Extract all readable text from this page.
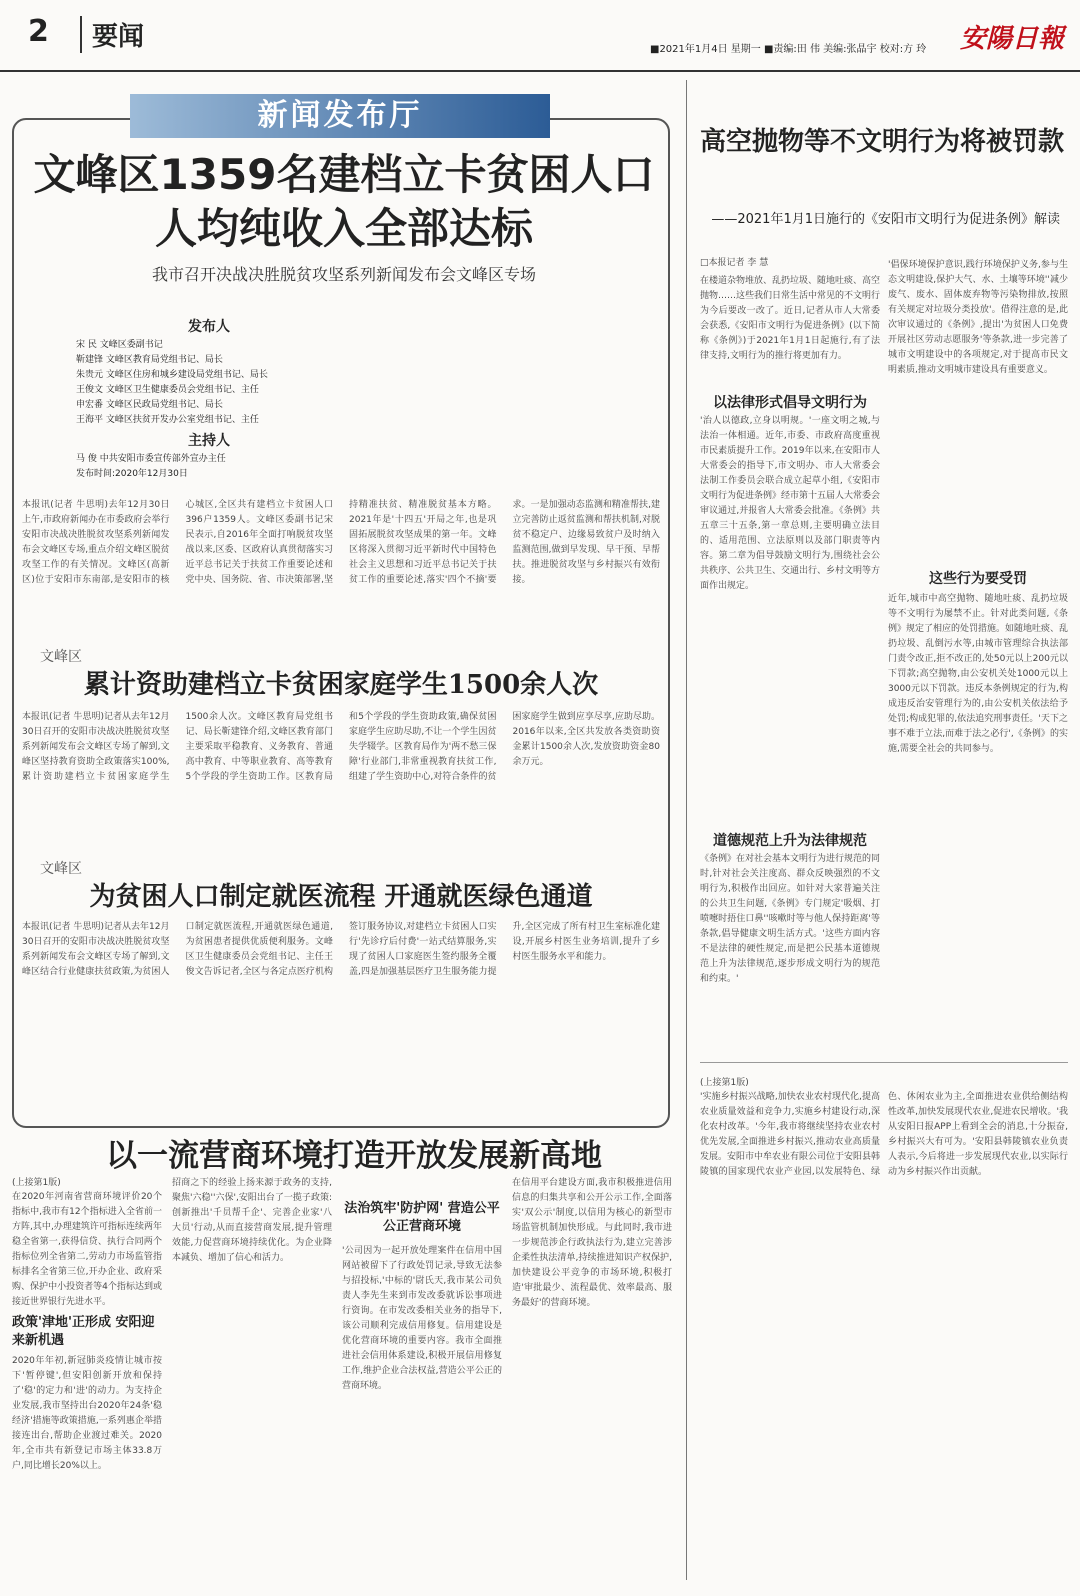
2	要闻	■2021年1月4日 星期一 ■责编:田 伟 美编:张晶宇 校对:方 玲 安陽日報
新闻发布厅
文峰区1359名建档立卡贫困人口人均纯收入全部达标
我市召开决战决胜脱贫攻坚系列新闻发布会文峰区专场
发布人
宋 民 文峰区委副书记
靳建锋 文峰区教育局党组书记、局长
朱贵元 文峰区住房和城乡建设局党组书记、局长
王俊文 文峰区卫生健康委员会党组书记、主任
申宏番 文峰区民政局党组书记、局长
王海平 文峰区扶贫开发办公室党组书记、主任
主持人
马 俊 中共安阳市委宣传部外宣办主任
发布时间:2020年12月30日
本报讯(记者 牛思明)去年12月30日上午,市政府新闻办在市委政府会举行安阳市决战决胜脱贫攻坚系列新闻发布会文峰区专场,重点介绍文峰区脱贫攻坚工作的有关情况。文峰区(高新区)位于安阳市东南部,是安阳市的核心城区,全区共有建档立卡贫困人口396户1359人。文峰区委副书记宋民表示,自2016年全面打响脱贫攻坚战以来,区委、区政府认真贯彻落实习近平总书记关于扶贫工作重要论述和党中央、国务院、省、市决策部署,坚持精准扶贫、精准脱贫基本方略。2021年是'十四五'开局之年,也是巩固拓展脱贫攻坚成果的第一年。文峰区将深入贯彻习近平新时代中国特色社会主义思想和习近平总书记关于扶贫工作的重要论述,落实'四个不摘'要求。一是加强动态监测和精准帮扶,建立完善防止返贫监测和帮扶机制,对脱贫不稳定户、边缘易致贫户及时纳入监测范围,做到早发现、早干预、早帮扶。推进脱贫攻坚与乡村振兴有效衔接。
文峰区
累计资助建档立卡贫困家庭学生1500余人次
本报讯(记者 牛思明)记者从去年12月30日召开的安阳市决战决胜脱贫攻坚系列新闻发布会文峰区专场了解到,文峰区坚持教育资助全政策落实100%,累计资助建档立卡贫困家庭学生1500余人次。文峰区教育局党组书记、局长靳建锋介绍,文峰区教育部门主要采取平稳教育、义务教育、普通高中教育、中等职业教育、高等教育5个学段的学生资助工作。区教育局和5个学段的学生资助政策,确保贫困家庭学生应助尽助,不让一个学生因贫失学辍学。区教育局作为'两不愁三保障'行业部门,非常重视教育扶贫工作,组建了学生资助中心,对符合条件的贫困家庭学生做到应享尽享,应助尽助。2016年以来,全区共发放各类资助资金累计1500余人次,发放资助资金80余万元。
文峰区
为贫困人口制定就医流程 开通就医绿色通道
本报讯(记者 牛思明)记者从去年12月30日召开的安阳市决战决胜脱贫攻坚系列新闻发布会文峰区专场了解到,文峰区结合行业健康扶贫政策,为贫困人口制定就医流程,开通就医绿色通道,为贫困患者提供优质便利服务。文峰区卫生健康委员会党组书记、主任王俊文告诉记者,全区与各定点医疗机构签订服务协议,对建档立卡贫困人口实行'先诊疗后付费'一站式结算服务,实现了贫困人口家庭医生签约服务全覆盖,四是加强基层医疗卫生服务能力提升,全区完成了所有村卫生室标准化建设,开展乡村医生业务培训,提升了乡村医生服务水平和能力。
以一流营商环境打造开放发展新高地
(上接第1版)
在2020年河南省营商环境评价20个指标中,我市有12个指标进入全省前一方阵,其中,办理建筑许可指标连续两年稳全省第一,获得信贷、执行合同两个指标位列全省第二,劳动力市场监管指标排名全省第三位,开办企业、政府采购、保护中小投资者等4个指标达到或接近世界银行先进水平。
政策'津地'正形成 安阳迎来新机遇
2020年年初,新冠肺炎疫情让城市按下'暂停键',但安阳创新开放和保持了'稳'的定力和'进'的动力。为支持企业发展,我市坚持出台2020年24条'稳经济'措施等政策措施,一系列惠企举措接连出台,帮助企业渡过难关。2020年,全市共有新登记市场主体33.8万户,同比增长20%以上。
招商之下的经验上扬来源于政务的支持,聚焦'六稳''六保',安阳出台了一揽子政策:创新推出'千员帮千企'、完善企业家'八大员'行动,从而直接营商发展,提升管理效能,力促营商环境持续优化。为企业降本减负、增加了信心和活力。
法治筑牢'防护网' 营造公平公正营商环境
'公司因为一起开放处理案件在信用中国网站被留下了行政处罚记录,导致无法参与招投标,'中标的'尉氏天,我市某公司负责人李先生来到市发改委就诉讼事项进行资询。在市发改委相关业务的指导下,该公司顺利完成信用修复。信用建设是优化营商环境的重要内容。我市全面推进社会信用体系建设,积极开展信用修复工作,维护企业合法权益,营造公平公正的营商环境。
在信用平台建设方面,我市积极推进信用信息的归集共享和公开公示工作,全面落实'双公示'制度,以信用为核心的新型市场监管机制加快形成。与此同时,我市进一步规范涉企行政执法行为,建立完善涉企柔性执法清单,持续推进知识产权保护,加快建设公平竞争的市场环境,积极打造'审批最少、流程最优、效率最高、服务最好'的营商环境。
高空抛物等不文明行为将被罚款
——2021年1月1日施行的《安阳市文明行为促进条例》解读
□本报记者 李 慧
在楼道杂物堆放、乱扔垃圾、随地吐痰、高空抛物……这些我们日常生活中常见的不文明行为今后要改一改了。近日,记者从市人大常委会获悉,《安阳市文明行为促进条例》(以下简称《条例》)于2021年1月1日起施行,有了法律支持,文明行为的推行将更加有力。
以法律形式倡导文明行为
'治人以德政,立身以明规。'一座文明之城,与法治一体相通。近年,市委、市政府高度重视市民素质提升工作。2019年以来,在安阳市人大常委会的指导下,市文明办、市人大常委会法制工作委员会联合成立起草小组,《安阳市文明行为促进条例》经市第十五届人大常委会审议通过,并报省人大常委会批准。《条例》共五章三十五条,第一章总则,主要明确立法目的、适用范围、立法原则以及部门职责等内容。第二章为倡导鼓励文明行为,围绕社会公共秩序、公共卫生、交通出行、乡村文明等方面作出规定。
道德规范上升为法律规范
《条例》在对社会基本文明行为进行规范的同时,针对社会关注度高、群众反映强烈的不文明行为,积极作出回应。如针对大家普遍关注的公共卫生问题,《条例》专门规定'吸烟、打喷嚏时捂住口鼻''咳嗽时等与他人保持距离'等条款,倡导健康文明生活方式。'这些方面内容不是法律的硬性规定,而是把公民基本道德规范上升为法律规范,逐步形成文明行为的规范和约束。'
'倡保环境保护意识,践行环境保护义务,参与生态文明建设,保护大气、水、土壤等环境''减少废气、废水、固体废弃物等污染物排放,按照有关规定对垃圾分类投放'。借得注意的是,此次审议通过的《条例》,提出'为贫困人口免费开展社区劳动志愿服务'等条款,进一步完善了城市文明建设中的各项规定,对于提高市民文明素质,推动文明城市建设具有重要意义。
这些行为要受罚
近年,城市中高空抛物、随地吐痰、乱扔垃圾等不文明行为屡禁不止。针对此类问题,《条例》规定了相应的处罚措施。如随地吐痰、乱扔垃圾、乱倒污水等,由城市管理综合执法部门责令改正,拒不改正的,处50元以上200元以下罚款;高空抛物,由公安机关处1000元以上3000元以下罚款。违反本条例规定的行为,构成违反治安管理行为的,由公安机关依法给予处罚;构成犯罪的,依法追究刑事责任。'天下之事不难于立法,而难于法之必行',《条例》的实施,需要全社会的共同参与。
(上接第1版)
'实施乡村振兴战略,加快农业农村现代化,提高农业质量效益和竞争力,实施乡村建设行动,深化农村改革。'今年,我市将继续坚持农业农村优先发展,全面推进乡村振兴,推动农业高质量发展。安阳市中牟农业有限公司位于安阳县韩陵镇的国家现代农业产业园,以发展特色、绿色、休闲农业为主,全面推进农业供给侧结构性改革,加快发展现代农业,促进农民增收。'我从安阳日报APP上看到全会的消息,十分振奋,乡村振兴大有可为。'安阳县韩陵镇农业负责人表示,今后将进一步发展现代农业,以实际行动为乡村振兴作出贡献。
